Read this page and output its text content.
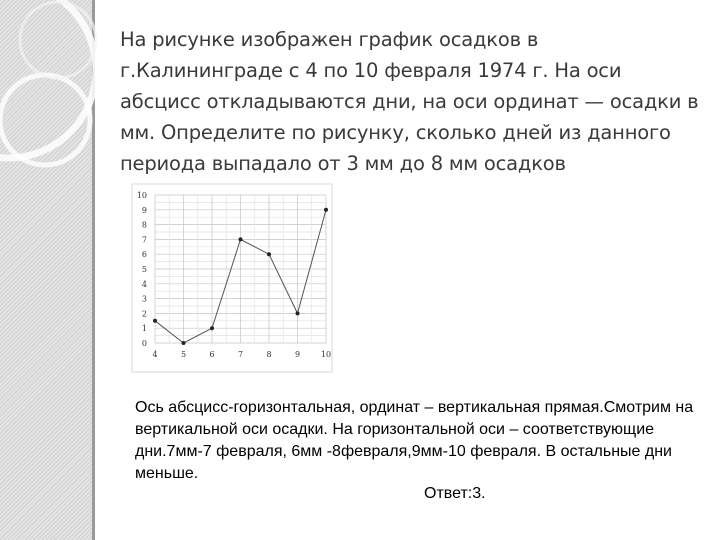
На рисунке изображен график осадков в г.Калининграде с 4 по 10 февраля 1974 г. На оси абсцисс откладываются дни, на оси ординат — осадки в мм. Определите по рисунку, сколько дней из данного периода выпадало от 3 мм до 8 мм осадков
0
1
2
3
4
5
6
7
8
9
10
4	5	6	7	8	9	10
Ось абсцисс-горизонтальная, ординат – вертикальная прямая.Смотрим на вертикальной оси осадки. На горизонтальной оси – соответствующие дни.7мм-7 февраля, 6мм -8февраля,9мм-10 февраля. В остальные дни меньше.
Ответ:3.
